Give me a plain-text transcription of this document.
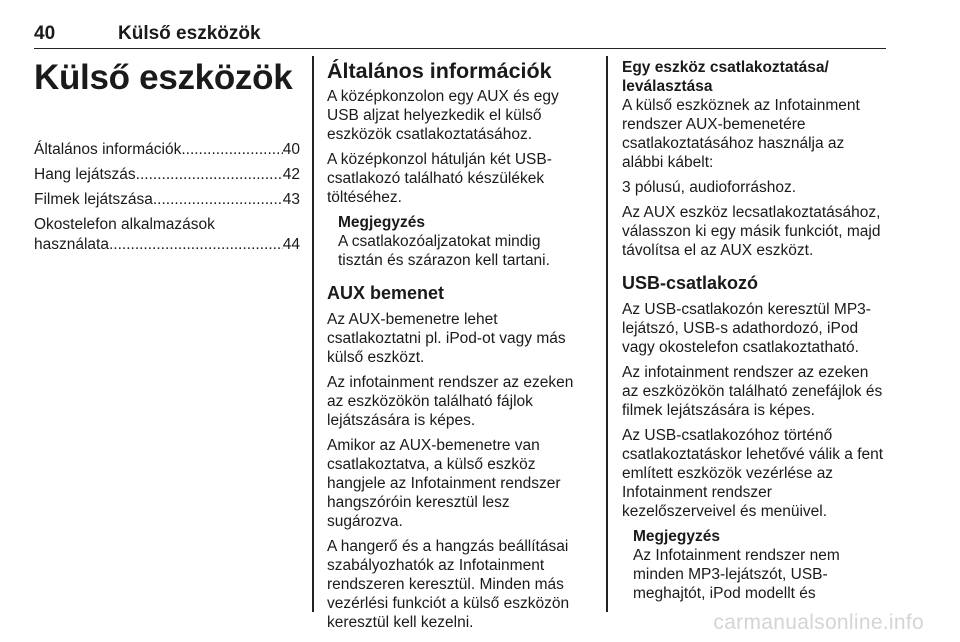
40	Külső eszközök
Külső eszközök
Általános információk .....	40
Hang lejátszás .....	42
Filmek lejátszása .....	43
Okostelefon alkalmazások
használata .....	44
Általános információk

A középkonzolon egy AUX és egy USB aljzat helyezkedik el külső eszközök csatlakoztatásához.

A középkonzol hátulján két USB-csatlakozó található készülékek töltéséhez.

Megjegyzés

A csatlakozóaljzatokat mindig tisztán és szárazon kell tartani.

AUX bemenet

Az AUX-bemenetre lehet csatlakoztatni pl. iPod-ot vagy más külső eszközt.

Az infotainment rendszer az ezeken az eszközökön található fájlok lejátszására is képes.

Amikor az AUX-bemenetre van csatlakoztatva, a külső eszköz hangjele az Infotainment rendszer hangszóróin keresztül lesz sugározva.

A hangerő és a hangzás beállításai szabályozhatók az Infotainment rendszeren keresztül. Minden más vezérlési funkciót a külső eszközön keresztül kell kezelni.

Egy eszköz csatlakoztatása/ leválasztása

A külső eszköznek az Infotainment rendszer AUX-bemenetére csatlakoztatásához használja az alábbi kábelt:

3 pólusú, audioforráshoz.

Az AUX eszköz lecsatlakoztatásához, válasszon ki egy másik funkciót, majd távolítsa el az AUX eszközt.

USB-csatlakozó

Az USB-csatlakozón keresztül MP3-lejátszó, USB-s adathordozó, iPod vagy okostelefon csatlakoztatható.

Az infotainment rendszer az ezeken az eszközökön található zenefájlok és filmek lejátszására is képes.

Az USB-csatlakozóhoz történő csatlakoztatáskor lehetővé válik a fent említett eszközök vezérlése az Infotainment rendszer kezelőszerveivel és menüivel.

Megjegyzés

Az Infotainment rendszer nem minden MP3-lejátszót, USB-meghajtót, iPod modellt és

carmanualsonline.info
